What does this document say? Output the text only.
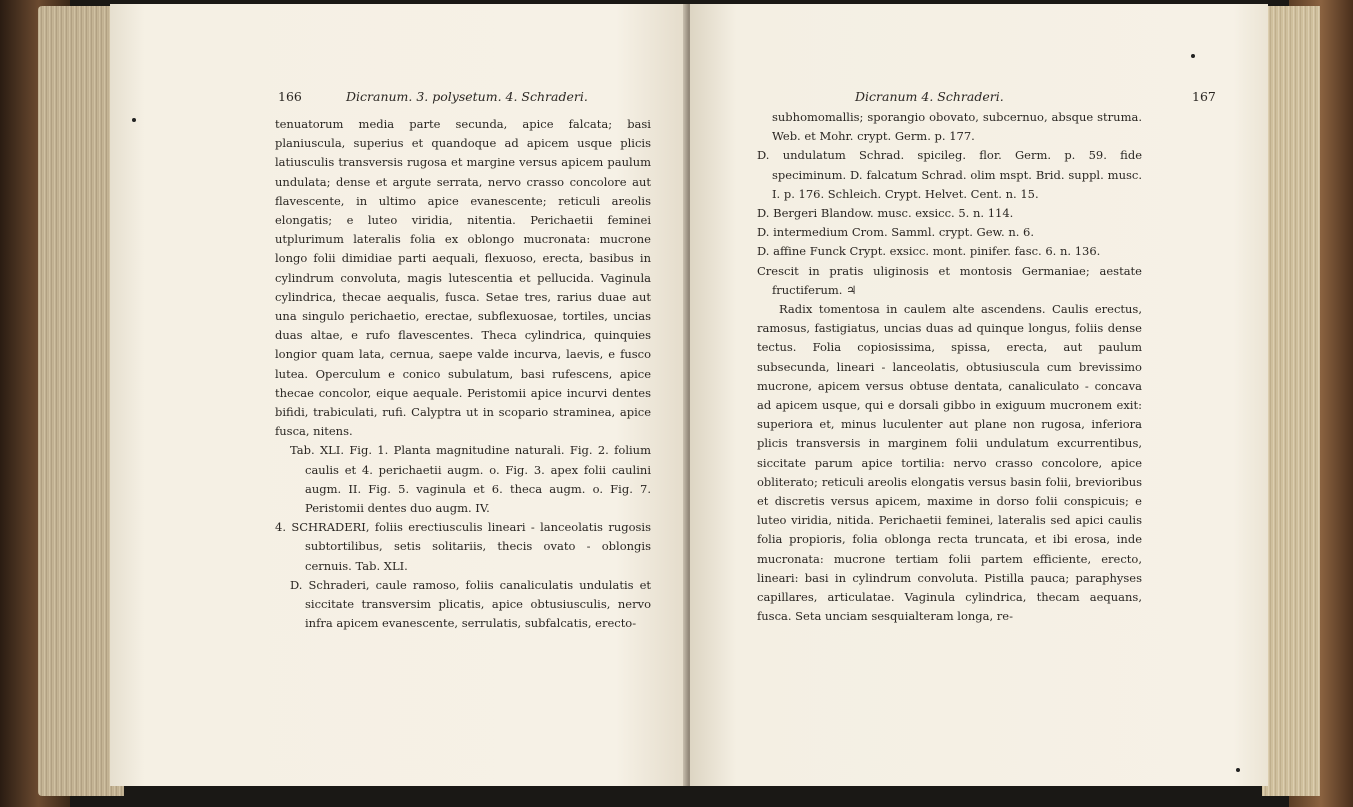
166	Dicranum. 3. polysetum. 4. Schraderi.

tenuatorum media parte secunda, apice falcata; basi planiuscula, superius et quandoque ad apicem usque plicis latiusculis transversis rugosa et margine versus apicem paulum undulata; dense et argute serrata, nervo crasso concolore aut flavescente, in ultimo apice evanescente; reticuli areolis elongatis; e luteo viridia, nitentia. Perichaetii feminei utplurimum lateralis folia ex oblongo mucronata: mucrone longo folii dimidiae parti aequali, flexuoso, erecta, basibus in cylindrum convoluta, magis lutescentia et pellucida. Vaginula cylindrica, thecae aequalis, fusca. Setae tres, rarius duae aut una singulo perichaetio, erectae, subflexuosae, tortiles, uncias duas altae, e rufo flavescentes. Theca cylindrica, quinquies longior quam lata, cernua, saepe valde incurva, laevis, e fusco lutea. Operculum e conico subulatum, basi rufescens, apice thecae concolor, eique aequale. Peristomii apice incurvi dentes bifidi, trabiculati, rufi. Calyptra ut in scopario straminea, apice fusca, nitens.

Tab. XLI. Fig. 1. Planta magnitudine naturali. Fig. 2. folium caulis et 4. perichaetii augm. o. Fig. 3. apex folii caulini augm. II. Fig. 5. vaginula et 6. theca augm. o. Fig. 7. Peristomii dentes duo augm. IV.

4. SCHRADERI, foliis erectiusculis lineari - lanceolatis rugosis subtortilibus, setis solitariis, thecis ovato - oblongis cernuis. Tab. XLI.

D. Schraderi, caule ramoso, foliis canaliculatis undulatis et siccitate transversim plicatis, apice obtusiusculis, nervo infra apicem evanescente, serrulatis, subfalcatis, erecto-

Dicranum 4. Schraderi.	167

subhomomallis; sporangio obovato, subcernuo, absque struma. Web. et Mohr. crypt. Germ. p. 177.

D. undulatum Schrad. spicileg. flor. Germ. p. 59. fide speciminum. D. falcatum Schrad. olim mspt. Brid. suppl. musc. I. p. 176. Schleich. Crypt. Helvet. Cent. n. 15.

D. Bergeri Blandow. musc. exsicc. 5. n. 114.

D. intermedium Crom. Samml. crypt. Gew. n. 6.

D. affine Funck Crypt. exsicc. mont. pinifer. fasc. 6. n. 136.

Crescit in pratis uliginosis et montosis Germaniae; aestate fructiferum. ♃

Radix tomentosa in caulem alte ascendens. Caulis erectus, ramosus, fastigiatus, uncias duas ad quinque longus, foliis dense tectus. Folia copiosissima, spissa, erecta, aut paulum subsecunda, lineari - lanceolatis, obtusiuscula cum brevissimo mucrone, apicem versus obtuse dentata, canaliculato - concava ad apicem usque, qui e dorsali gibbo in exiguum mucronem exit: superiora et, minus luculenter aut plane non rugosa, inferiora plicis transversis in marginem folii undulatum excurrentibus, siccitate parum apice tortilia: nervo crasso concolore, apice obliterato; reticuli areolis elongatis versus basin folii, brevioribus et discretis versus apicem, maxime in dorso folii conspicuis; e luteo viridia, nitida. Perichaetii feminei, lateralis sed apici caulis folia propioris, folia oblonga recta truncata, et ibi erosa, inde mucronata: mucrone tertiam folii partem efficiente, erecto, lineari: basi in cylindrum convoluta. Pistilla pauca; paraphyses capillares, articulatae. Vaginula cylindrica, thecam aequans, fusca. Seta unciam sesquialteram longa, re-
